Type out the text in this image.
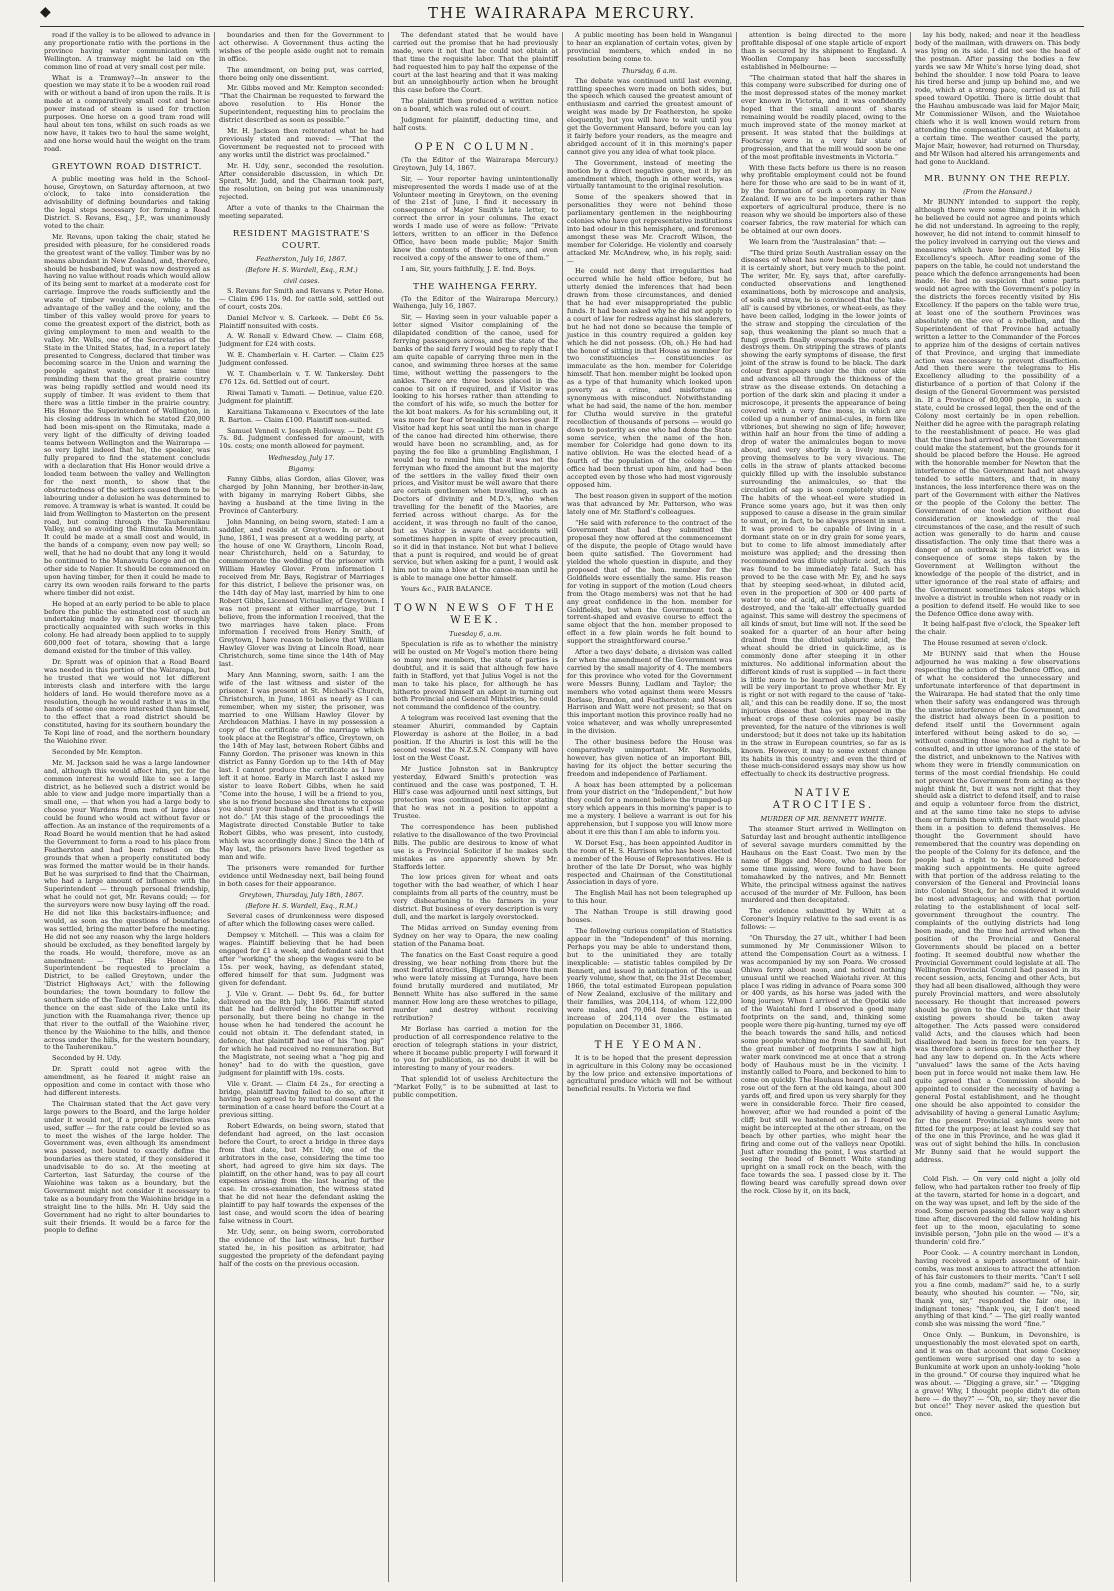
◆	THE WAIRARAPA MERCURY.

road if the valley is to be allowed to advance in any proportionate ratio with the portions in the province having water communication with Wellington. A tramway might be laid on the common line of road at very small cost per mile.

What is a Tramway?—In answer to the question we may state it to be a wooden rail road with or without a band of iron upon the rails. It is made at a comparatively small cost and horse power instead of steam is used for traction purposes. One horse on a good tram road will haul about ten tons, whilst on such roads as we now have, it takes two to haul the same weight, and one horse would haul the weight on the tram road.

GREYTOWN ROAD DISTRICT.

A public meeting was held in the School-house, Greytown, on Saturday afternoon, at two o'clock, to take into consideration the advisability of defining boundaries and taking the legal steps necessary for forming a Road District. S. Revans, Esq., J.P., was unanimously voted to the chair.

Mr. Revans, upon taking the chair, stated he presided with pleasure, for he considered roads the greatest want of the valley. Timber was by no means abundant in New Zealand, and, therefore, should be husbanded, but was now destroyed as having no value without roads which would allow of its being sent to market at a moderate cost for carriage. Improve the roads sufficiently and the waste of timber would cease, while to the advantage of the valley and the colony, and the timber of this valley would prove for years to come the greatest export of the district, both as giving employment to men and wealth to the valley. Mr. Wells, one of the Secretaries of the State in the United States, had, in a report lately presented to Congress, declared that timber was becoming scarce in the Union and warning the people against waste, at the same time reminding them that the great prairie country was being rapidly settled and would need its supply of timber. It was evident to them that there was a little timber in the prairie country. His Honor the Superintendent of Wellington, in his closing address in which he stated £20,000 had been mis-spent on the Rimutaka, made a very light of the difficulty of driving loaded teams between Wellington and the Wairarapa — so very light indeed that he, the speaker, was fully prepared to find the statement conclude with a declaration that His Honor would drive a loaded team between the valley and Wellington for the next month, to show that the obstructedness of the settlers caused them to be labouring under a delusion he was determined to remove. A tramway is what is wanted. It could be laid from Wellington to Masterton on the present road, but coming through the Tauherenikau Valley, and so avoiding the Rimutaka Mountain. It could be made at a small cost and would, in the hands of a company, even now pay well; so well, that he had no doubt that any long it would be continued to the Manawatu Gorge and on the other side to Napier. It should be commenced on upon having timber, for then it could be made to carry its own wooden rails forward to the parts where timber did not exist.

He hoped at an early period to be able to place before the public the estimated cost of such an undertaking made by an Engineer thoroughly practically acquainted with such works in this colony. He had already been applied to to supply 600,000 feet of totara, showing that a large demand existed for the timber of this valley.

Dr. Spratt was of opinion that a Road Board was needed in this portion of the Wairarapa, but he trusted that we would not let different interests clash and interfere with the large holders of land. He would therefore move as a resolution, though he would rather it was in the hands of some one more interested than himself, to the effect that a road district should be constituted, having for its southern boundary the Te Kopi line of road, and the northern boundary the Waiohine river.

Seconded by Mr. Kempton.

Mr. M. Jackson said he was a large landowner and, although this would affect him, yet for the common interest he would like to see a large district, as he believed such a district would be able to view and judge more impartially than a small one, — that when you had a large body to choose your Wardens from men of large ideas could be found who would act without favor or affection. As an instance of the requirements of a Road Board he would mention that he had asked the Government to form a road to his place from Featherston and had been refused on the grounds that when a properly constituted body was formed the matter would be in their hands. But he was surprised to find that the Chairman, who had a large amount of influence with the Superintendent — through personal friendship, what he could not get, Mr. Revans could; — for the surveyors were now busy laying off the road. He did not like this backstairs-influence; and would, as soon as the questions of boundaries was settled, bring the matter before the meeting. He did not see any reason why the large holders should be excluded, as they benefited largely by the roads. He would, therefore, move as an amendment: — “That His Honor the Superintendent be requested to proclaim a District, to be called Greytown, under the 'District Highways Act,' with the following boundaries; the town boundary to follow the southern side of the Tauherenikau into the Lake, thence on the east side of the Lake until its junction with the Ruamahanga river, thence up that river to the outfall of the Waiohine river, thence by the Waiohine to the hills, and thence across under the hills, for the western boundary, to the Tauherenikau.”

Seconded by H. Udy.

Dr. Spratt could not agree with the amendment, as he feared it might raise an opposition and come in contact with those who had different interests.

The Chairman stated that the Act gave very large powers to the Board, and the large holder under it would not, if a proper discretion was used, suffer — for the rate could be levied so as to meet the wishes of the large holder. The Government was, even although its amendment was passed, not bound to exactly define the boundaries as there stated, if they considered it unadvisable to do so. At the meeting at Carterton, last Saturday, the course of the Waiohine was taken as a boundary, but the Government might not consider it necessary to take as a boundary from the Waiohine bridge in a straight line to the hills. Mr. H. Udy said the Government had no right to alter boundaries to suit their friends. It would be a farce for the people to define

boundaries and then for the Government to act otherwise. A Government thus acting the wishes of the people aside ought not to remain in office.

The amendment, on being put, was carried, there being only one dissentient.

Mr. Gibbs moved and Mr. Kempton seconded: “That the Chairman be requested to forward the above resolution to His Honor the Superintendent, requesting him to proclaim the district described as soon as possible.”

Mr. H. Jackson then reiterated what he had previously stated and moved: — “That the Government be requested not to proceed with any works until the district was proclaimed.”

Mr. H. Udy, senr., seconded the resolution. After considerable discussion, in which Dr. Spratt, Mr. Judd, and the Chairman took part, the resolution, on being put was unanimously rejected.

After a vote of thanks to the Chairman the meeting separated.

RESIDENT MAGISTRATE'S COURT.
Featherston, July 16, 1867.
(Before H. S. Wardell, Esq., R.M.)
civil cases.

S. Revans for Smith and Revans v. Peter Hone. — Claim £96 11s. 9d. for cattle sold, settled out of court, costs 20s.

Daniel McIvor v. S. Carkeek. — Debt £6 5s. Plaintiff nonsuited with costs.

A. W. Renall v. Edward Chew. — Claim £68, Judgment for £24 with costs.

W. E. Chamberlain v. H. Carter. — Claim £25 Judgment confessed.

W. T. Chamberlain v. T. W. Tankersley. Debt £76 12s. 6d. Settled out of court.

Riwai Tamati v. Tamati. — Detinue, value £20. Judgment for plaintiff.

Karaitiana Takamoana v. Executors of the late R. Barton. — Claim £100. Plaintiff non-suited.

Samuel Vennell v. Joseph Holloway. — Debt £5 7s. 8d. Judgment confessed for amount, with 10s. costs; one month allowed for payment.

Wednesday, July 17.
Bigamy.

Fanny Gibbs, alias Gordon, alias Glover, was charged by John Manning, her brother-in-law, with bigamy in marrying Robert Gibbs, she having a husband at the time living in the Province of Canterbury.

John Manning, on being sworn, stated: I am a saddler, and reside at Greytown. In or about June, 1861, I was present at a wedding party, at the house of one W. Graythorn, Lincoln Road, near Christchurch, held on a Saturday, to commemorate the wedding of the prisoner with William Hawley Glover. From information I received from Mr. Bays, Registrar of Marriages for this district, I believe the prisoner was, on the 14th day of May last, married by him to one Robert Gibbs, Licensed Victualler, of Greytown. I was not present at either marriage, but I believe, from the information I received, that the two marriages have taken place. From information I received from Henry Smith, of Greytown, I have reason to believe that William Hawley Glover was living at Lincoln Road, near Christchurch, some time since the 14th of May last.

Mary Ann Manning, sworn, saith: I am the wife of the last witness and sister of the prisoner. I was present at St. Michael's Church, Christchurch, in June, 1861 as nearly as I can remember, when my sister, the prisoner, was married to one William Hawley Glover by Archdeacon Mathias. I have in my possession a copy of the certificate of the marriage which took place at the Registrar's office, Greytown, on the 14th of May last, between Robert Gibbs and Fanny Gordon. The prisoner was known in this district as Fanny Gordon up to the 14th of May last. I cannot produce the certificate as I have left it at home. Early in March last I asked my sister to leave Robert Gibbs, when he said “Come into the house, I will be a friend to you, she is no friend because she threatens to expose you about your husband and that is what I will not do.” [At this stage of the proceedings the Magistrate directed Constable Butler to take Robert Gibbs, who was present, into custody, which was accordingly done.] Since the 14th of May last, the prisoners have lived together as man and wife.

The prisoners were remanded for further evidence until Wednesday next, bail being found in both cases for their appearance.

Greytown, Thursday, July 18th, 1867.
(Before H. S. Wardell, Esq., R.M.)

Several cases of drunkenness were disposed of after which the following cases were called.

Dempsey v. Mitchell. — This was a claim for wages. Plaintiff believing that he had been engaged for £1 a week, and defendant said that after “working” the sheep the wages were to be 15s. per week, having, as defendant stated, offered himself for that sum. Judgment was given for defendant.

J. Vile v. Grant. — Debt 9s. 6d., for butter delivered on the 8th July, 1866. Plaintiff stated that he had delivered the butter he served personally, but there being no change in the house when he had tendered the account he could not obtain it. The defendant stated, in defence, that plaintiff had use of his “hog pig” for which he had received no remuneration. But the Magistrate, not seeing what a “hog pig and honey” had to do with the question, gave judgment for plaintiff with 19s. costs.

Vile v. Grant. — Claim £4 2s., for erecting a bridge, plaintiff having failed to do so, after it having been agreed to by mutual consent at the termination of a case heard before the Court at a previous sitting.

Robert Edwards, on being sworn, stated that defendant had agreed, on the last occasion before the Court, to erect a bridge in three days from that date, but Mr. Udy, one of the arbitrators in the case, considering the time too short, had agreed to give him six days. The plaintiff, on the other hand, was to pay all court expenses arising from the last hearing of the case. In cross-examination, the witness stated that he did not hear the defendant asking the plaintiff to pay half towards the expenses of the last case, and would scorn the idea of bearing false witness in Court.

Mr. Udy, senr., on being sworn, corroborated the evidence of the last witness, but further stated he, in his position as arbitrator, had suggested the propriety of the defendant paying half of the costs on the previous occasion.

The defendant stated that he would have carried out the promise that he had previously made, were it not that he could not obtain at that time the requisite labor. That the plaintiff had requested him to pay half the expense of the court at the last hearing and that it was making but an unneighbourly action when he brought this case before the Court.

The plaintiff then produced a written notice on a board, which was ruled out of court.

Judgment for plaintiff, deducting time, and half costs.

OPEN COLUMN.

(To the Editor of the Wairarapa Mercury.) Greytown, July 14, 1867.

Sir, — Your reporter having unintentionally misrepresented the words I made use of at the Volunteer meeting in Greytown, on the evening of the 21st of June, I find it necessary in consequence of Major Smith's late letter, to correct the error in your columns. The exact words I made use of were as follow: “Private letters, written to an officer in the Defence Office, have been made public; Major Smith knew the contents of those letters, and even received a copy of the answer to one of them.”

I am, Sir, yours faithfully, J. E. Ind. Boys.

THE WAIHENGA FERRY.

(To the Editor of the Wairarapa Mercury.) Waihenga, July 16, 1867.

Sir, — Having seen in your valuable paper a letter signed Visitor complaining of the dilapidated condition of the canoe, used for ferrying passengers across, and the state of the banks of the said ferry I would beg to reply that I am quite capable of carrying three men in the canoe, and swimming three horses at the same time, without wetting the passengers to the ankles. There are three boxes placed in the canoe to sit on if required, and if Visitor was looking to his horses rather than attending to the comfort of his wife, so much the better for the kit boat makers. As for his scrambling out, it was more for fear of breaking his horses gear. If Visitor had kept his seat until the man in charge of the canoe had directed him otherwise, there would have been no scrambling, and, as for paying the fee like a grumbling Englishman, I would beg to remind him that it was not the ferryman who fixed the amount but the majority of the settlers in the valley fixed their own prices, and Visitor must be well aware that there are certain gentlemen when travelling, such as Doctors of divinity and M.D.'s, who when travelling for the benefit of the Maories, are ferried across without charge. As for the accident, it was through no fault of the canoe, but as Visitor is aware that accidents will sometimes happen in spite of every precaution, so it did in that instance. Not but what I believe that a punt is required, and would be of great service, but when asking for a punt, I would ask him not to aim a blow at the canoe-man until he is able to manage one better himself.

Yours &c., FAIR BALANCE.

TOWN NEWS OF THE WEEK.
Tuesday 6, a.m.

Speculation is rife as to whether the ministry will be ousted on Mr Vogel's motion there being so many new members, the state of parties is doubtful, and it is said that although few have faith in Stafford, yet that Julius Vogel is not the man to take his place, for although he has hitherto proved himself an adept in turning out both Provincial and General Ministries, he could not command the confidence of the country.

A telegram was received last evening that the steamer Ahuriri, commanded by Captain Flowerday is ashore at the Boiler, in a bad position. If the Ahuriri is lost this will be the second vessel the N.Z.S.N. Company will have lost on the West Coast.

Mr Justice Johnston sat in Bankruptcy yesterday, Edward Smith's protection was continued and the case was postponed, T. H. Hill's case was adjourned until next sittings, but protection was continued, his solicitor stating that he was not in a position to appoint a Trustee.

The correspondence has been published relative to the disallowance of the two Provincial Bills. The public are desirous to know of what use is a Provincial Solicitor if he makes such mistakes as are apparently shown by Mr. Staffords letter.

The low prices given for wheat and oats together with the bad weather, of which I hear complaints from all parts of the country, must be very disheartening to the farmers in your district. But business of every description is very dull, and the market is largely overstocked.

The Midas arrived on Sunday evening from Sydney on her way to Opara, the new coaling station of the Panama boat.

The fanatics on the East Coast require a good dressing, we hear nothing from there but the most fearful atrocities, Biggs and Moore the men who were lately missing at Turanga, have been found brutally murdered and mutilated, Mr Bennett White has also suffered in the same manner. How long are these wretches to pillage, murder and destroy without receiving retribution?

Mr Borlase has carried a motion for the production of all correspondence relative to the erection of telegraph stations in your district, where it became public property I will forward it to you for publication, as no doubt it will be interesting to many of your readers.

That splendid lot of useless Architecture the “Market Folly,” is to be submitted at last to public competition.

A public meeting has been held in Wanganui to hear an explanation of certain votes, given by provincial members, which ended in no resolution being come to.

Thursday, 6 a.m.

The debate was continued until last evening, rattling speeches were made on both sides, but the speech which caused the greatest amount of enthusiasm and carried the greatest amount of weight was made by Dr Featherston, he spoke eloquently, but you will have to wait until you get the Government Hansard, before you can lay it fairly before your readers, as the meagre and abridged account of it in this morning's paper cannot give you any idea of what took place.

The Government, instead of meeting the motion by a direct negative gave, met it by an amendment which, though in other words, was virtually tantamount to the original resolution.

Some of the speakers showed that in personalities they were not behind those parliamentary gentlemen in the neighbouring colonies who have got representative institutions into bad odour in this hemisphere, and foremost amongst these was Mr. Cracroft Wilson, the member for Coleridge. He violently and coarsely attacked Mr. McAndrew, who, in his reply, said: —

He could not deny that irregularities had occurred while he held office before, but he utterly denied the inferences that had been drawn from those circumstances, and denied that he had ever misappropriated the public funds. It had been asked why he did not apply to a court of law for redress against his slanderers, but he had not done so because the temple of justice in this country required a golden key which he did not possess. (Oh, oh.) He had had the honor of sitting in that House as member for two constituencies — constituencies as immaculate as the hon. member for Coleridge himself. That hon. member might be looked upon as a type of that humanity which looked upon poverty as a crime, and misfortune as synonymous with misconduct. Notwithstanding what he had said, the name of the hon. member for Clutha would survive in the grateful recollection of thousands of persons — would go down to posterity as one who had done the State some service, when the name of the hon. member for Coleridge had gone down to its native oblivion. He was the elected head of a fourth of the population of the colony — the office had been thrust upon him, and had been accepted even by those who had most vigorously opposed him.

The best reason given in support of the motion was that advanced by Mr. Patterson, who was lately one of Mr. Stafford's colleagues.

“He said with reference to the contract of the Government that had they submitted the proposal they now offered at the commencement of the dispute, the people of Otago would have been quite satisfied. The Government had yielded the whole question in dispute, and they proposed that of the hon. member for the Goldfields were essentially the same. His reason for voting in support of the motion (Loud cheers from the Otago members) was not that he had any great confidence in the hon. member for Goldfields, but when the Government took a torrent-shaped and evasive course to effect the same object that the hon. member proposed to effect in a few plain words he felt bound to support the straightforward course.”

After a two days' debate, a division was called for when the amendment of the Government was carried by the small majority of 4. The members for this province who voted for the Government were Messrs Bunny, Ludlam and Taylor; the members who voted against them were Messrs Borlase, Brandon, and Featherston: and Messrs Harrison and Watt were not present; so that on this important motion this province really had no voice whatever, and was wholly unrepresented in the division.

The other business before the House was comparatively unimportant. Mr. Reynolds, however, has given notice of an important Bill, having for its object the better securing the freedom and independence of Parliament.

A hoax has been attempted by a policeman from your district on the “Independent,” but how they could for a moment believe the trumped-up story which appears in this morning's paper is to me a mystery. I believe a warrant is out for his apprehension, but I suppose you will know more about it ere this than I am able to inform you.

W. Dorset Esq., has been appointed Auditor in the room of H. S. Harrison who has been elected a member of the House of Representatives. He is brother of the late Dr Dorset, who was highly respected and Chairman of the Constitutional Association in days of yore.

The English Mail has not been telegraphed up to this hour.

The Nathan Troupe is still drawing good houses.

The following curious compilation of Statistics appear in the “Independent” of this morning. Perhaps you may be able to understand them, but to the uninitiated they are totally inexplicable: — statistic tables compiled by Dr Bennett, and issued in anticipation of the usual yearly volume, show that, on the 31st December, 1866, the total estimated European population of New Zealand, exclusive of the military and their families, was 204,114, of whom 122,090 were males, and 79,064 females. This is an increase of 204,114 over the estimated population on December 31, 1866.

THE YEOMAN.

It is to be hoped that the present depression in agriculture in this Colony may be occasioned by the low price and extensive importations of agricultural produce which will not be without beneficial results. In Victoria we find

attention is being directed to the more profitable disposal of one staple article of export than is secured by its shipment to England. A Woollen Company has been successfully established in Melbourne: —

“The chairman stated that half the shares in this company were subscribed for during one of the most depressed states of the money market ever known in Victoria, and it was confidently hoped that the small amount of shares remaining would be readily placed, owing to the much improved state of the money market at present. It was stated that the buildings at Footscray were in a very fair state of progression, and that the mill would soon be one of the most profitable investments in Victoria.”

With these facts before us there is no reason why profitable employment could not be found here for those who are said to be in want of it, by the formation of such a company in New Zealand. If we are to be importers rather than exporters of agricultural produce, there is no reason why we should be importers also of these coarser fabrics, the raw material for which can be obtained at our own doors.

We learn from the “Australasian” that: —

“The third prize South Australian essay on the diseases of wheat has now been published, and it is certainly short, but very much to the point. The writer, Mr. Ey, says that, after carefully-conducted observations and lengthened examinations, both by microscope and analysis, of soils and straw, he is convinced that the 'take-all' is caused by vibriones, or wheat-eels, as they have been called, lodging in the lower joints of the straw and stopping the circulation of the sap, thus weakening the plant so much that a fungi growth finally overspreads the roots and destroys them. On stripping the straws of plants showing the early symptoms of disease, the first joint of the straw is found to be black. The dark colour first appears under the thin outer skin and advances all through the thickness of the straw as the disease extends. On detaching a portion of the dark skin and placing it under a microscope, it presents the appearance of being covered with a very fine moss, in which are coiled up a number of animal-cules, in form like vibriones, but shewing no sign of life; however, within half an hour from the time of adding a drop of water the animalcules began to move about, and very shortly in a lively manner, proving themselves to be very vivacious. The cells in the straw of plants attacked become quickly filled up with the insoluble substance surrounding the animalcules, so that the circulation of sap is soon completely stopped. The habits of the wheat-eel were studied in France some years ago, but it was then only supposed to cause a disease in the grain similar to smut, or, in fact, to be always present in smut. It was proved to be capable of living in a dormant state on or in dry grain for some years, but to come to life almost immediately after moisture was applied; and the dressing then recommended was dilute sulphuric acid, as this was found to be immediately fatal. Such has proved to be the case with Mr. Ey, and he says that by steeping seed-wheat, in diluted acid, even in the proportion of 300 or 400 parts of water to one of acid, all the vibriones will be destroyed, and the 'take-all' effectually guarded against. This same will destroy the specimens of all kinds of smut, but lime will not. If the seed be soaked for a quarter of an hour after being drained from the diluted sulphuric acid, the wheat should be dried in quick-lime, as is commonly done after steeping it in other mixtures. No additional information about the different kinds of rust is supplied — in fact there is little more to be learned about them; but it will be very important to prove whether Mr. Ey is right or not with regard to the cause of 'take-all,' and this can be readily done. If so, the most injurious disease that has yet appeared in the wheat crops of these colonies may be easily prevented, for the nature of the vibriones is well understood; but it does not take up its habitation in the straw in European countries, so far as is known. However, it may to some extent change its habits in this country; and even the third of these much-considered essays may show us how effectually to check its destructive progress.

NATIVE ATROCITIES.
MURDER OF MR. BENNETT WHITE.

The steamer Sturt arrived in Wellington on Saturday last and brought authentic intelligence of several savage murders committed by the Hauhaus on the East Coast. Two men by the name of Biggs and Moore, who had been for some time missing, were found to have been tomahawked by the natives, and Mr. Bennett White, the principal witness against the natives accused of the murder of Mr. Fulloon, has been murdered and then decapitated.

The evidence submitted by Whitt at a Coroner's Inquiry relative to the sad event is as follows: —

“On Thursday, the 27 ult., whither I had been summoned by Mr Commissioner Wilson to attend the Compensation Court as a witness. I was accompanied by my son Poara. We crossed Ohiwa ferry about noon, and noticed nothing unusual until we reached Waiotahi river. At this place I was riding in advance of Poara some 300 or 400 yards, as his horse was jaded with the long journey. When I arrived at the Opotiki side of the Waiotahi ford I observed a good many footprints on the sand, and, thinking some people were there pig-hunting, turned my eye off the beach towards the sand hills, and noticed some people watching me from the sandhill, but the great number of footprints I saw at high water mark convinced me at once that a strong body of Hauhaus must be in the vicinity. I instantly called to Poara, and beckoned to him to come on quickly. The Hauhaus heard me call and rose out of the fern at the old kainga, about 300 yards off, and fired upon us very sharply for they were in considerable force. Their fire ceased, however, after we had rounded a point of the cliff; but still we hastened on as I feared we might be intercepted at the other stream, on the beach by other parties, who might hear the firing and come out of the valleys near Opotiki. Just after rounding the point, I was startled at seeing the head of Bennett White standing upright on a small rock on the beach, with the face towards the sea. I passed close by it. The flowing beard was carefully spread down over the rock. Close by it, on its back,

lay his body, naked; and near it the headless body of the mailman, with drawers on. This body was lying on its side. I did not see the head of the postman. After passing the bodies a few yards we saw Mr White's horse lying dead, shot behind the shoulder. I now told Poara to leave his tired horse and jump up behind me, and we rode, which at a strong pace, carried us at full speed toward Opotiki. There is little doubt that the Hauhau ambuscade was laid for Major Mair, Mr Commissioner Wilson, and the Waiotahoe chiefs who it is well known would return from attending the compensation Court, at Maketu at a certain time. The weather caused the party, Major Mair, however, had returned on Thursday, and Mr Wilson had altered his arrangements and had gone to Auckland.

MR. BUNNY ON THE REPLY.
(From the Hansard.)

Mr BUNNY intended to support the reply, although there were some things in it in which he believed he could not agree and points which he did not understand. In agreeing to the reply, however, he did not intend to commit himself to the policy involved in carrying out the views and measures which have been indicated by His Excellency's speech. After reading some of the papers on the table, he could not understand the peace which the defence arrangements had been made. He had no suspicion that some parts would not agree with the Government's policy in the districts the forces recently visited by His Excellency. If the papers on the table were true, at least one of the southern Provinces was absolutely on the eve of a rebellion, and the Superintendent of that Province had actually written a letter to the Commander of the Forces to apprize him of the designs of certain natives of that Province, and urging that immediate action was necessary to prevent disaffection. And then there were the telegrams to His Excellency alluding to the possibility of a disturbance of a portion of that Colony if the design of the General Government was persisted in. If a Province of 80,000 people, in such a state, could be crossed legal, then the end of the Colony most certainly be in open rebellion. Neither did he agree with the paragraph relating to the reestablishment of peace. He was glad that the times had arrived when the Government could make the statement, but the grounds for it should be placed before the House. He agreed with the honorable member for Newton that the interference of the Government had not always tended to settle matters, and that, in many instances, the less interference there was on the part of the Government with either the Natives or the people of the Colony the better. The Government of one took action without due consideration or knowledge of the real circumstances of the case, and the result of such action was generally to do harm and cause dissatisfaction. The only time that there was a danger of an outbreak in his district was in consequence of some steps taken by the Government at Wellington without the knowledge of the people of the district, and in utter ignorance of the real state of affairs; and the Government sometimes takes steps which involve a district in trouble when not ready or in a position to defend itself. He would like to see the Defence Office done away with.

It being half-past five o'clock, the Speaker left the chair.

The House resumed at seven o'clock.

Mr BUNNY said that when the House adjourned he was making a few observations respecting the action of the Defence Office, and of what he considered the unnecessary and unfortunate interference of that department in the Wairarapa. He had stated that the only time when their safety was endangered was through the unwise interference of the Government, and the district had always been in a position to defend itself until the Government again interfered without being asked to do so, — without consulting those who had a right to be consulted, and in utter ignorance of the state of the district, and unbeknown to the Natives with whom they were in friendly communication on terms of the most cordial friendship. He could not prevent the Government from acting as they might think fit, but it was not right that they should ask a district to defend itself, and to raise and equip a volunteer force from the district, and at the same time take no steps to advise them or furnish them with arms that would place them in a position to defend themselves. He thought the Government should have remembered that the country was depending on the people of the Colony for its defence, and the people had a right to be considered before making such appointments. He quite agreed with that portion of the address relating to the conversion of the General and Provincial loans into Colonial Stock, for he considered it would be most advantageous; and with that portion relating to the establishment of local self-government throughout the country. The complaints of the outlying districts had long been made, and the time had arrived when the position of the Provincial and General Governments should be placed on a better footing. It seemed doubtful now whether the Provincial Government could legislate at all. The Wellington Provincial Council had passed in its recent session, acts, fencing and other Acts, but they had all been disallowed, although they were purely Provincial matters, and were absolutely necessary. He thought that increased powers should be given to the Councils, or that their existing powers should be taken away altogether. The Acts passed were considered valid Acts, and the clauses which had been disallowed had been in force for ten years. It was therefore a serious question whether they had any law to depend on. In the Acts where “unvalued” laws the same of the Acts having been put in force would not make them law. He quite agreed that a Commission should be appointed to consider the necessity of having a general Postal establishment, and he thought one should be also appointed to consider the advisability of having a general Lunatic Asylum; for the present Provincial asylums were not fitted for the purpose; at least he could say that of the one in this Province, and he was glad it was out of sight behind the hills. In conclusion Mr Bunny said that he would support the address.

Cold Fish. — On very cold night a jolly old fellow, who had partaken rather too freely of flip at the tavern, started for home in a dogcart, and on the way was upset, and left by the side of the road. Some person passing the same way a short time after, discovered the old fellow holding his feet up to the moon, ejaculating to some invisible person, “John pile on the wood — it's a thunderin' cold fire.”

Poor Cook. — A country merchant in London, having received a superb assortment of hair-combs, was most anxious to attract the attention of his fair customers to their merits. “Can't I sell you a fine comb, madam?” said he, to a surly beauty, who shouted his counter. — “No, sir, thank you, sir,” responded the fair one, in indignant tones; “thank you, sir, I don't need anything of that kind.” — The girl really wanted comb she was missing the word “fine.”

Once Only. — Bunkum, in Devonshire, is unquestionably the most elevated spot on earth, and it was on that account that some Cockney gentlemen were surprised one day to see a Bunkumite at work upon an unholy-looking “hole in the ground.” Of course they inquired what he was about. — “Digging a grave, sir.” — “Digging a grave! Why, I thought people didn't die often here — do they?” — “Oh, no, sir; they never die but once!” They never asked the question but once.
